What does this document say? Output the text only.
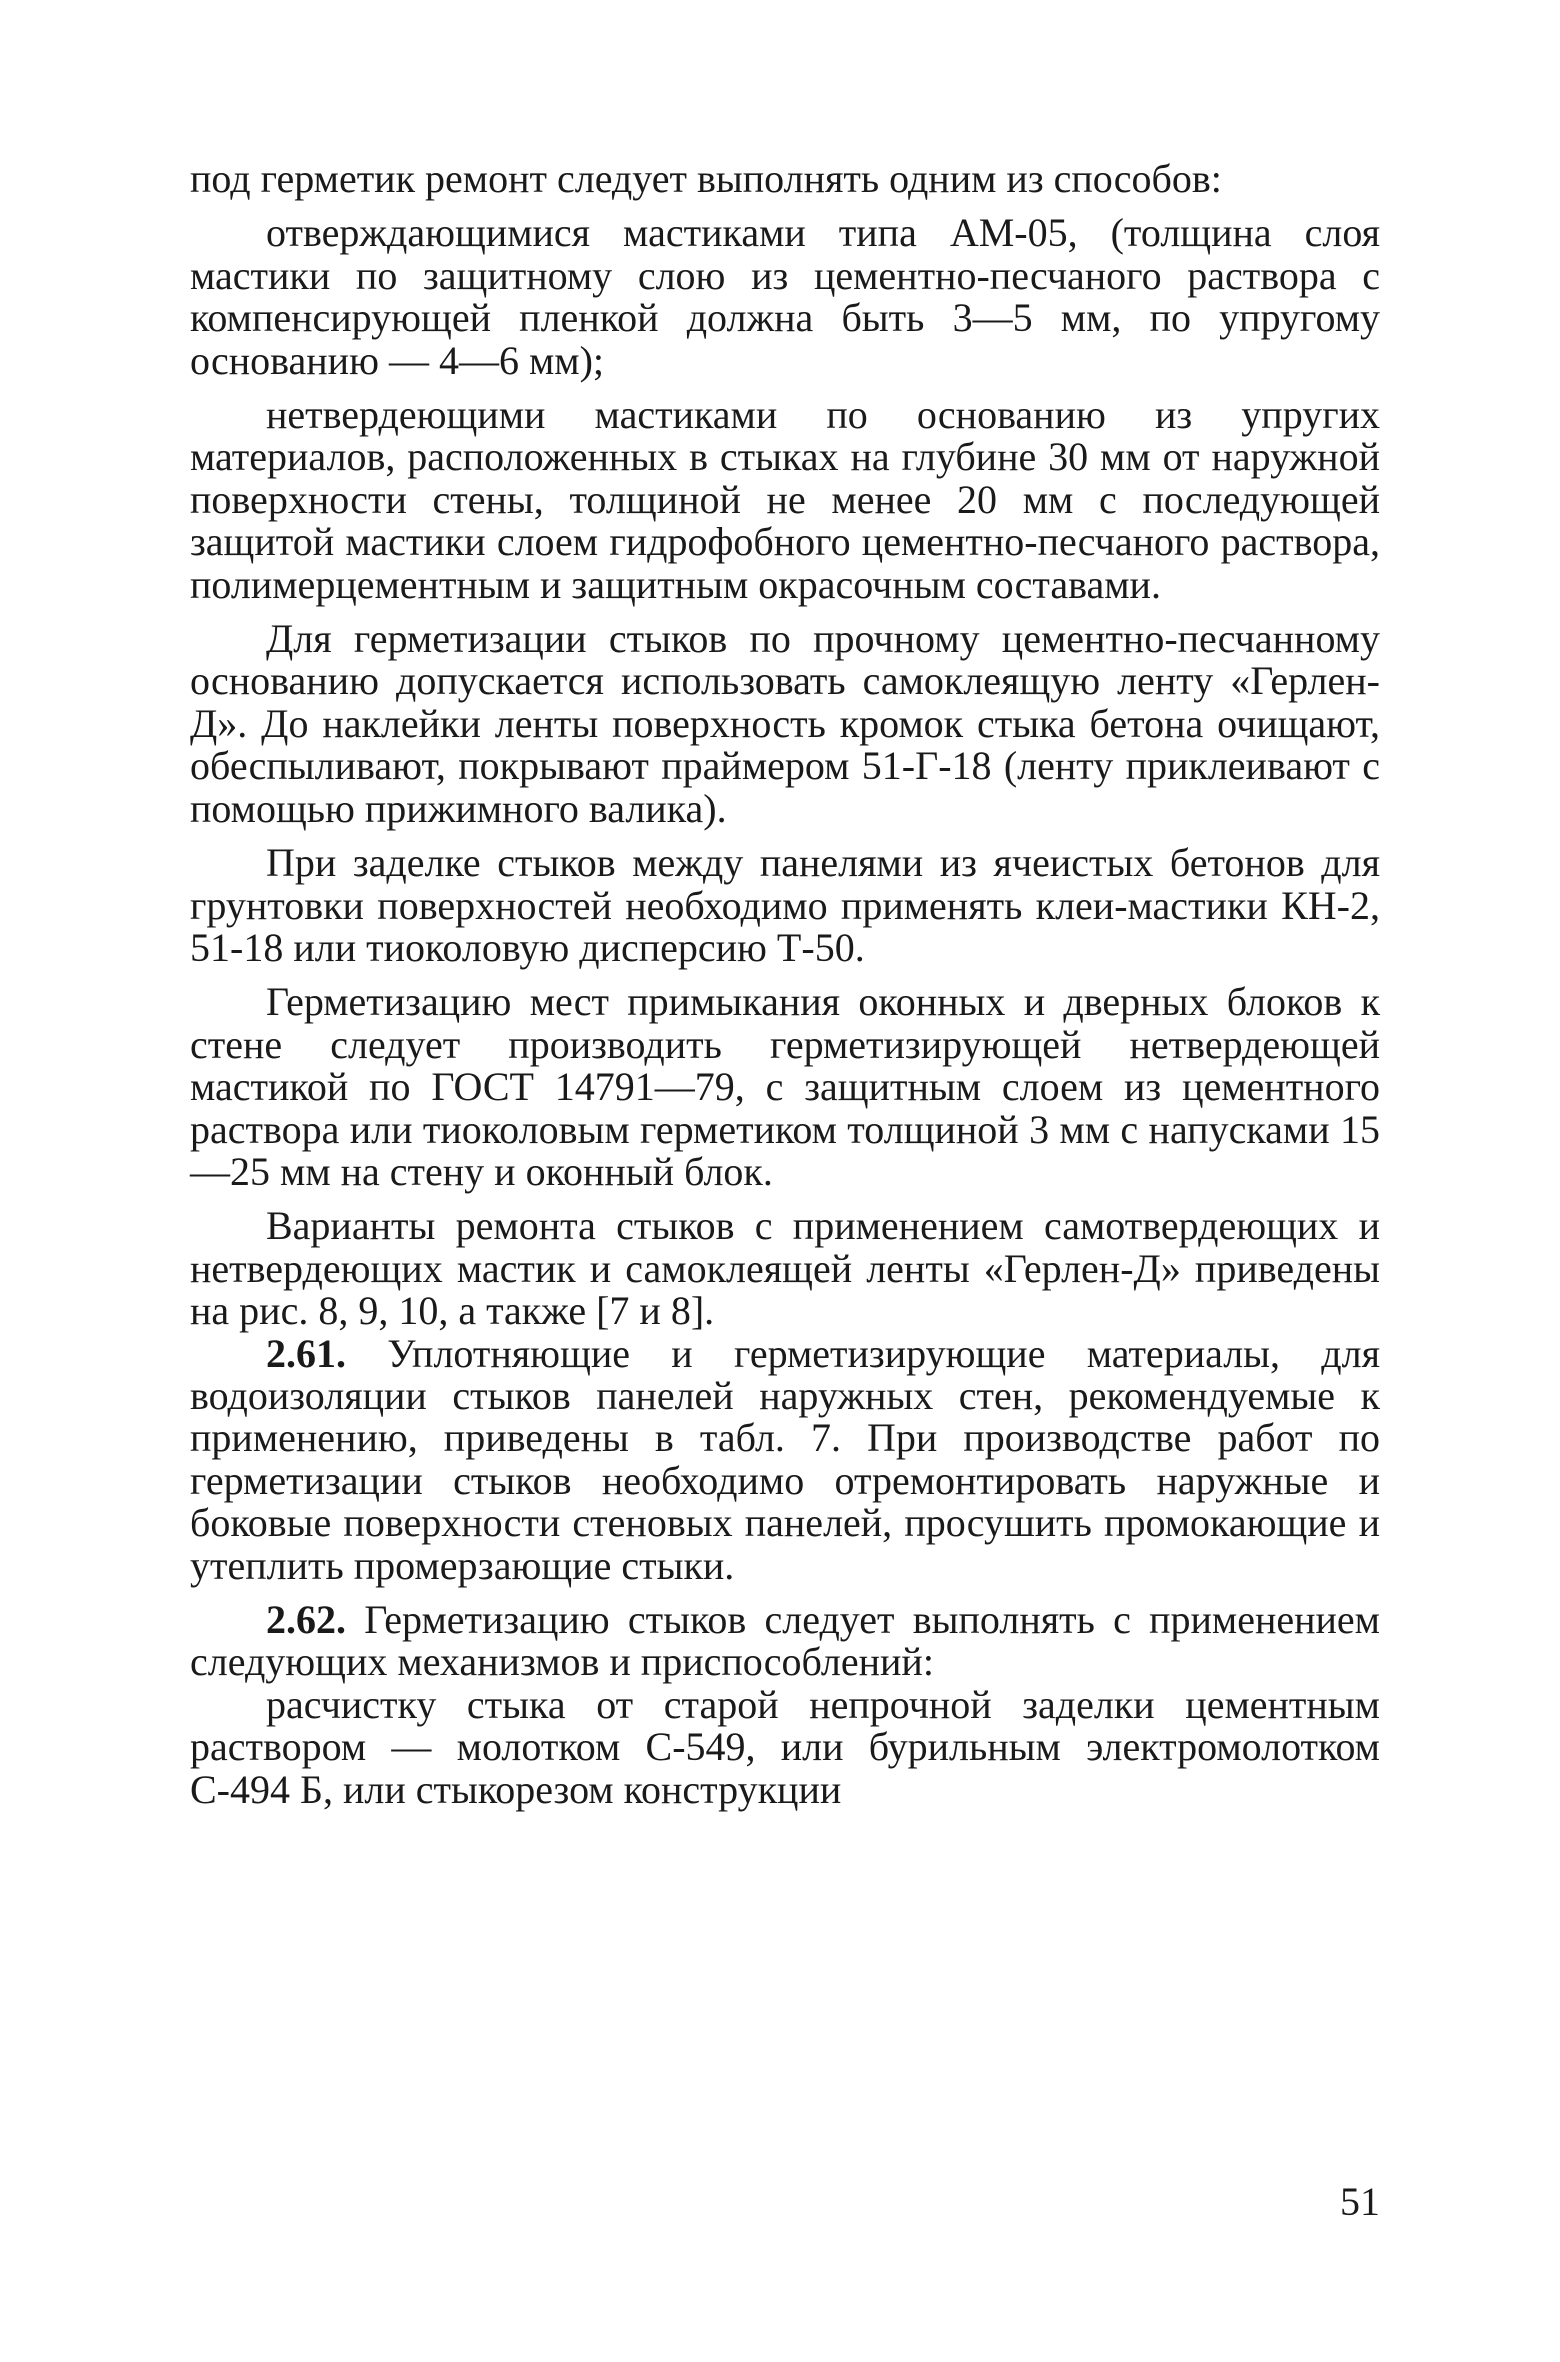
под герметик ремонт следует выполнять одним из способов:

отверждающимися мастиками типа АМ-05, (толщина слоя мастики по защитному слою из цементно-песчаного раствора с компенсирующей пленкой должна быть 3—5 мм, по упругому основанию — 4—6 мм);

нетвердеющими мастиками по основанию из упругих материалов, расположенных в стыках на глубине 30 мм от наружной поверхности стены, толщиной не менее 20 мм с последующей защитой мастики слоем гидрофобного цементно-песчаного раствора, полимерцементным и защитным окрасочным составами.

Для герметизации стыков по прочному цементно-песчанному основанию допускается использовать самоклеящую ленту «Герлен-Д». До наклейки ленты поверхность кромок стыка бетона очищают, обеспыливают, покрывают праймером 51-Г-18 (ленту приклеивают с помощью прижимного валика).

При заделке стыков между панелями из ячеистых бетонов для грунтовки поверхностей необходимо применять клеи-мастики КН-2, 51-18 или тиоколовую дисперсию Т-50.

Герметизацию мест примыкания оконных и дверных блоков к стене следует производить герметизирующей нетвердеющей мастикой по ГОСТ 14791—79, с защитным слоем из цементного раствора или тиоколовым герметиком толщиной 3 мм с напусками 15—25 мм на стену и оконный блок.

Варианты ремонта стыков с применением самотвердеющих и нетвердеющих мастик и самоклеящей ленты «Герлен-Д» приведены на рис. 8, 9, 10, а также [7 и 8].

2.61. Уплотняющие и герметизирующие материалы, для водоизоляции стыков панелей наружных стен, рекомендуемые к применению, приведены в табл. 7. При производстве работ по герметизации стыков необходимо отремонтировать наружные и боковые поверхности стеновых панелей, просушить промокающие и утеплить промерзающие стыки.

2.62. Герметизацию стыков следует выполнять с применением следующих механизмов и приспособлений:

расчистку стыка от старой непрочной заделки цементным раствором — молотком С-549, или бурильным электромолотком С-494 Б, или стыкорезом конструкции

51
